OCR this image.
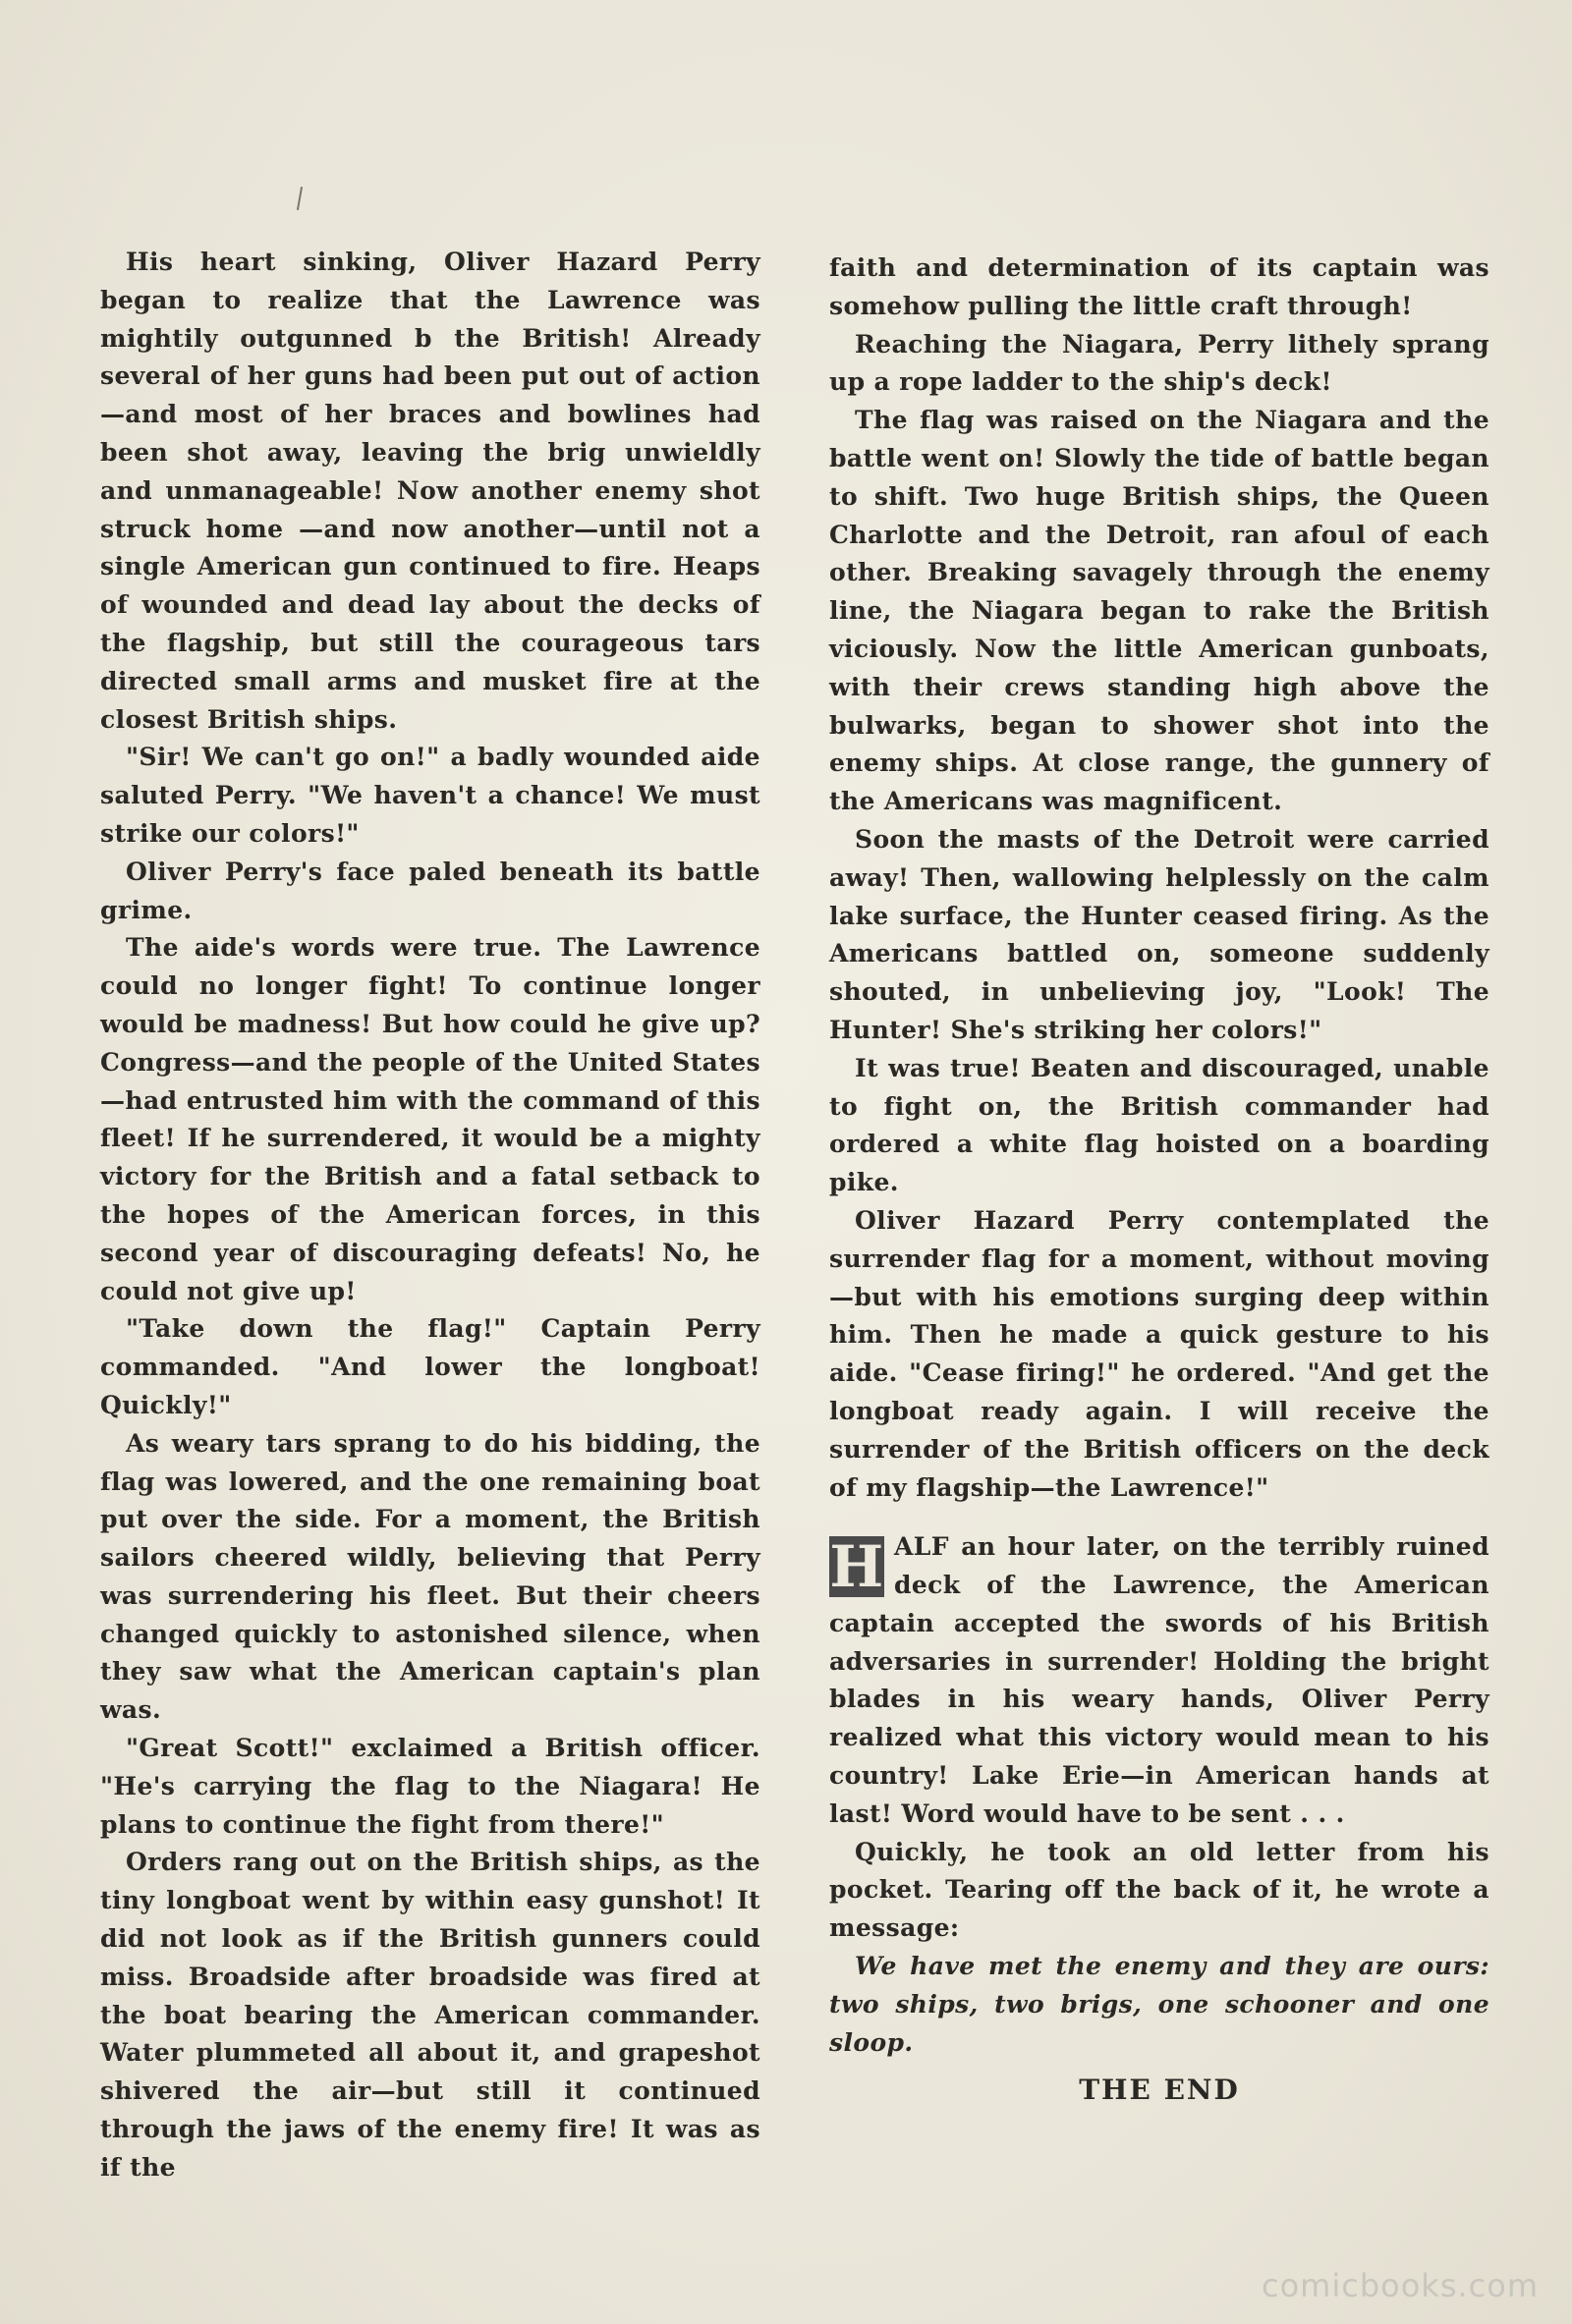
His heart sinking, Oliver Hazard Perry began to realize that the Lawrence was mightily outgunned b the British! Already several of her guns had been put out of action—and most of her braces and bowlines had been shot away, leaving the brig unwieldly and unmanageable! Now another enemy shot struck home —and now another—until not a single American gun continued to fire. Heaps of wounded and dead lay about the decks of the flagship, but still the courageous tars directed small arms and musket fire at the closest British ships.

"Sir! We can't go on!" a badly wounded aide saluted Perry. "We haven't a chance! We must strike our colors!"

Oliver Perry's face paled beneath its battle grime.

The aide's words were true. The Lawrence could no longer fight! To continue longer would be madness! But how could he give up? Congress—and the people of the United States —had entrusted him with the command of this fleet! If he surrendered, it would be a mighty victory for the British and a fatal setback to the hopes of the American forces, in this second year of discouraging defeats! No, he could not give up!

"Take down the flag!" Captain Perry commanded. "And lower the longboat! Quickly!"

As weary tars sprang to do his bidding, the flag was lowered, and the one remaining boat put over the side. For a moment, the British sailors cheered wildly, believing that Perry was surrendering his fleet. But their cheers changed quickly to astonished silence, when they saw what the American captain's plan was.

"Great Scott!" exclaimed a British officer. "He's carrying the flag to the Niagara! He plans to continue the fight from there!"

Orders rang out on the British ships, as the tiny longboat went by within easy gunshot! It did not look as if the British gunners could miss. Broadside after broadside was fired at the boat bearing the American commander. Water plummeted all about it, and grapeshot shivered the air—but still it continued through the jaws of the enemy fire! It was as if the

faith and determination of its captain was somehow pulling the little craft through!

Reaching the Niagara, Perry lithely sprang up a rope ladder to the ship's deck!

The flag was raised on the Niagara and the battle went on! Slowly the tide of battle began to shift. Two huge British ships, the Queen Charlotte and the Detroit, ran afoul of each other. Breaking savagely through the enemy line, the Niagara began to rake the British viciously. Now the little American gunboats, with their crews standing high above the bulwarks, began to shower shot into the enemy ships. At close range, the gunnery of the Americans was magnificent.

Soon the masts of the Detroit were carried away! Then, wallowing helplessly on the calm lake surface, the Hunter ceased firing. As the Americans battled on, someone suddenly shouted, in unbelieving joy, "Look! The Hunter! She's striking her colors!"

It was true! Beaten and discouraged, unable to fight on, the British commander had ordered a white flag hoisted on a boarding pike.

Oliver Hazard Perry contemplated the surrender flag for a moment, without moving—but with his emotions surging deep within him. Then he made a quick gesture to his aide. "Cease firing!" he ordered. "And get the longboat ready again. I will receive the surrender of the British officers on the deck of my flagship—the Lawrence!"

H ALF an hour later, on the terribly ruined deck of the Lawrence, the American captain accepted the swords of his British adversaries in surrender! Holding the bright blades in his weary hands, Oliver Perry realized what this victory would mean to his country! Lake Erie—in American hands at last! Word would have to be sent . . .

Quickly, he took an old letter from his pocket. Tearing off the back of it, he wrote a message:

We have met the enemy and they are ours: two ships, two brigs, one schooner and one sloop.

THE END
comicbooks.com
